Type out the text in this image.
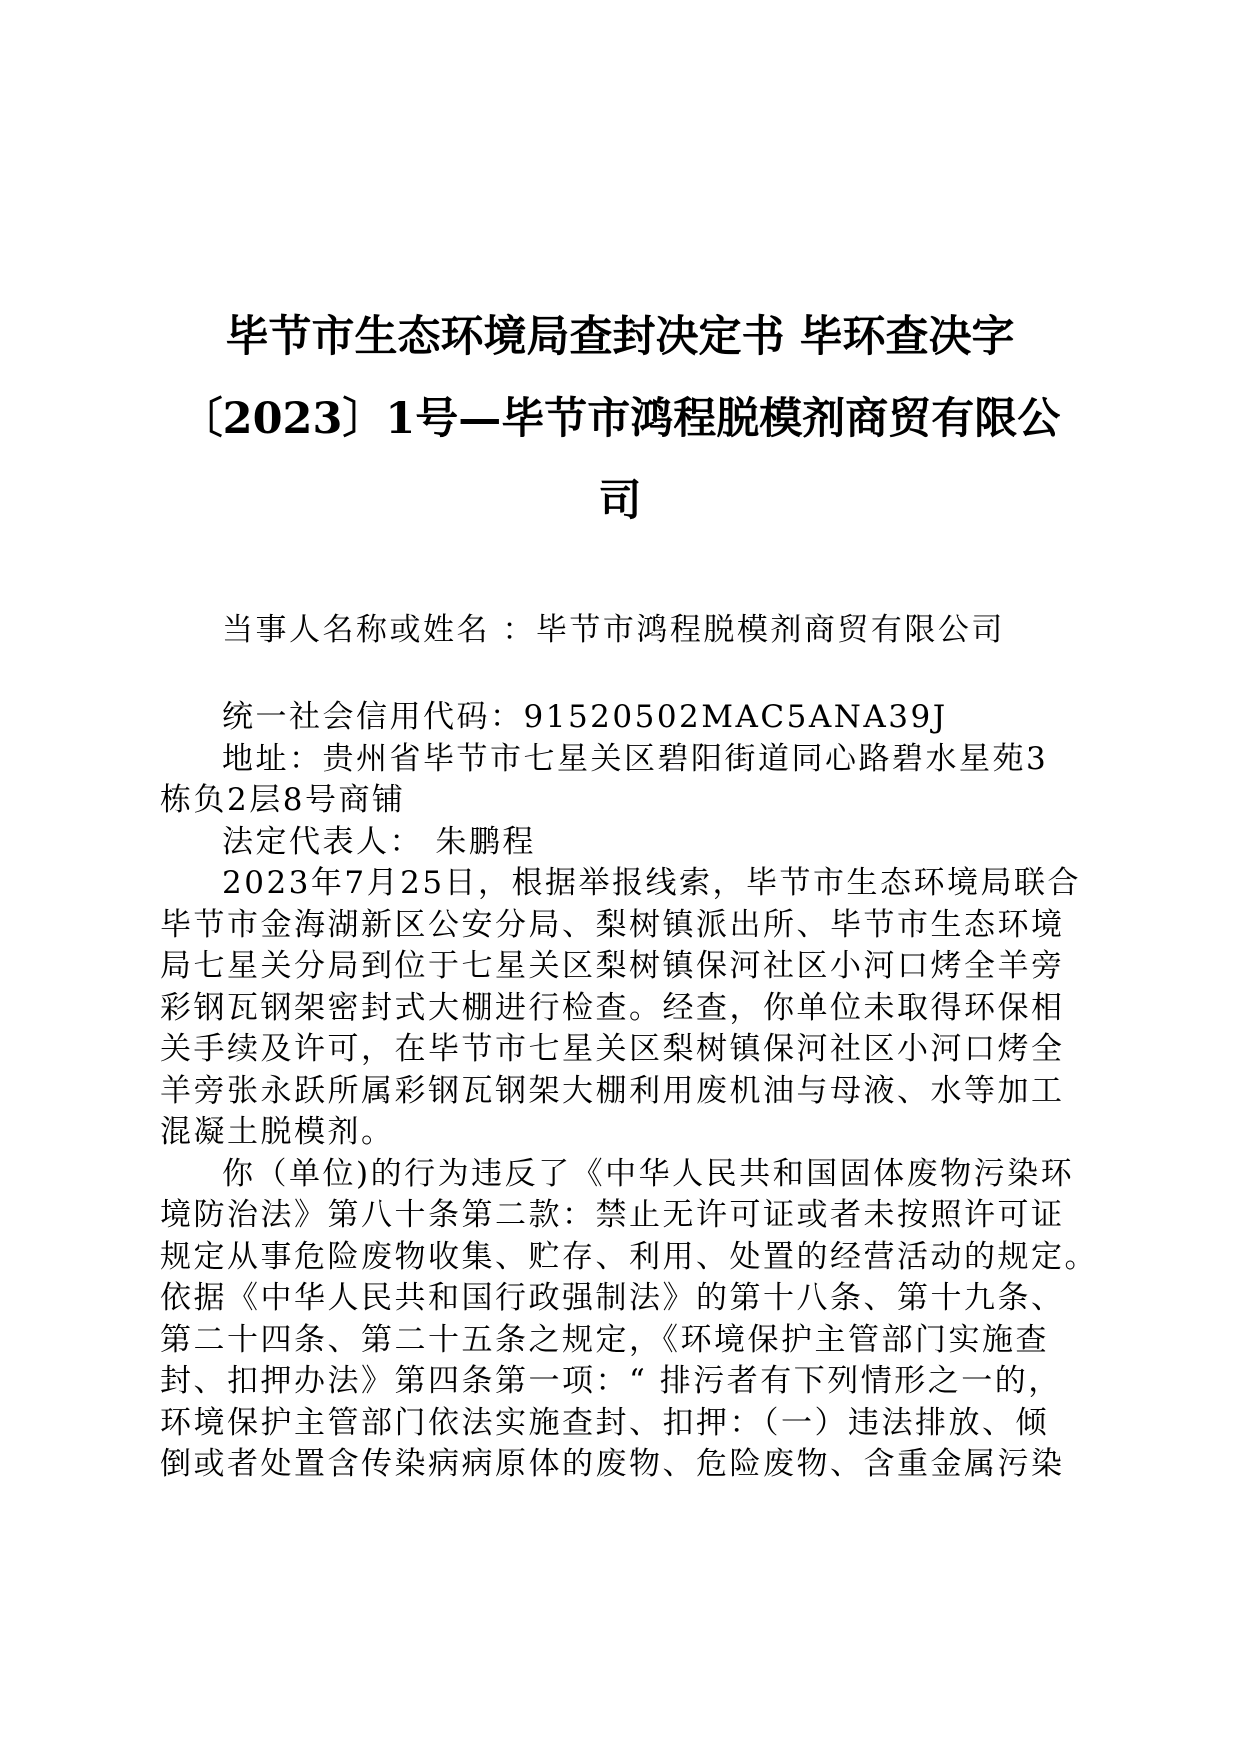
毕节市生态环境局查封决定书 毕环查决字
〔2023〕1号—毕节市鸿程脱模剂商贸有限公
司
当事人名称或姓名 ：毕节市鸿程脱模剂商贸有限公司
统一社会信用代码：91520502MAC5ANA39J
地址：贵州省毕节市七星关区碧阳街道同心路碧水星苑3
栋负2层8号商铺
法定代表人： 朱鹏程
2023年7月25日，根据举报线索，毕节市生态环境局联合
毕节市金海湖新区公安分局、梨树镇派出所、毕节市生态环境
局七星关分局到位于七星关区梨树镇保河社区小河口烤全羊旁
彩钢瓦钢架密封式大棚进行检查。经查，你单位未取得环保相
关手续及许可，在毕节市七星关区梨树镇保河社区小河口烤全
羊旁张永跃所属彩钢瓦钢架大棚利用废机油与母液、水等加工
混凝土脱模剂。
你（单位)的行为违反了《中华人民共和国固体废物污染环
境防治法》第八十条第二款：禁止无许可证或者未按照许可证
规定从事危险废物收集、贮存、利用、处置的经营活动的规定。
依据《中华人民共和国行政强制法》的第十八条、第十九条、
第二十四条、第二十五条之规定，《环境保护主管部门实施查
封、扣押办法》第四条第一项：“ 排污者有下列情形之一的，
环境保护主管部门依法实施查封、扣押：（一）违法排放、倾
倒或者处置含传染病病原体的废物、危险废物、含重金属污染
